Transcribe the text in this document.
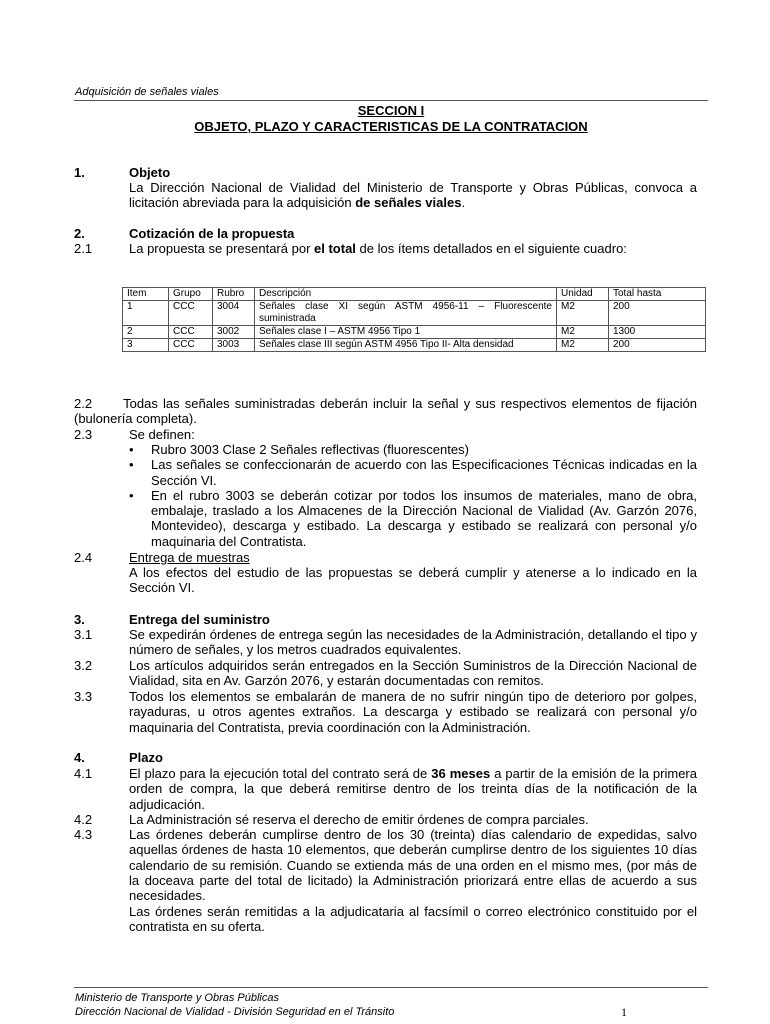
Adquisición de señales viales
SECCION I
OBJETO, PLAZO Y CARACTERISTICAS DE LA CONTRATACION
1.	Objeto
La Dirección Nacional de Vialidad del Ministerio de Transporte y Obras Públicas, convoca a licitación abreviada para la adquisición de señales viales.
2.	Cotización de la propuesta
2.1	La propuesta se presentará por el total de los ítems detallados en el siguiente cuadro:
Item	Grupo	Rubro	Descripción	Unidad	Total hasta
1	CCC	3004	Señales clase XI según ASTM 4956-11 – Fluorescente suministrada	M2	200
2	CCC	3002	Señales clase I – ASTM 4956 Tipo 1	M2	1300
3	CCC	3003	Señales clase III según ASTM 4956 Tipo II- Alta densidad	M2	200
2.2 Todas las señales suministradas deberán incluir la señal y sus respectivos elementos de fijación (bulonería completa).
2.3	Se definen:
• Rubro 3003 Clase 2 Señales reflectivas (fluorescentes)
• Las señales se confeccionarán de acuerdo con las Especificaciones Técnicas indicadas en la Sección VI.
• En el rubro 3003 se deberán cotizar por todos los insumos de materiales, mano de obra, embalaje, traslado a los Almacenes de la Dirección Nacional de Vialidad (Av. Garzón 2076, Montevideo), descarga y estibado. La descarga y estibado se realizará con personal y/o maquinaria del Contratista.
2.4	Entrega de muestras
A los efectos del estudio de las propuestas se deberá cumplir y atenerse a lo indicado en la Sección VI.
3.	Entrega del suministro
3.1	Se expedirán órdenes de entrega según las necesidades de la Administración, detallando el tipo y número de señales, y los metros cuadrados equivalentes.
3.2	Los artículos adquiridos serán entregados en la Sección Suministros de la Dirección Nacional de Vialidad, sita en Av. Garzón 2076, y estarán documentadas con remitos.
3.3	Todos los elementos se embalarán de manera de no sufrir ningún tipo de deterioro por golpes, rayaduras, u otros agentes extraños. La descarga y estibado se realizará con personal y/o maquinaria del Contratista, previa coordinación con la Administración.
4.	Plazo
4.1	El plazo para la ejecución total del contrato será de 36 meses a partir de la emisión de la primera orden de compra, la que deberá remitirse dentro de los treinta días de la notificación de la adjudicación.
4.2	La Administración sé reserva el derecho de emitir órdenes de compra parciales.
4.3	Las órdenes deberán cumplirse dentro de los 30 (treinta) días calendario de expedidas, salvo aquellas órdenes de hasta 10 elementos, que deberán cumplirse dentro de los siguientes 10 días calendario de su remisión. Cuando se extienda más de una orden en el mismo mes, (por más de la doceava parte del total de licitado) la Administración priorizará entre ellas de acuerdo a sus necesidades.
Las órdenes serán remitidas a la adjudicataria al facsímil o correo electrónico constituido por el contratista en su oferta.
Ministerio de Transporte y Obras Públicas
Dirección Nacional de Vialidad - División Seguridad en el Tránsito	1
